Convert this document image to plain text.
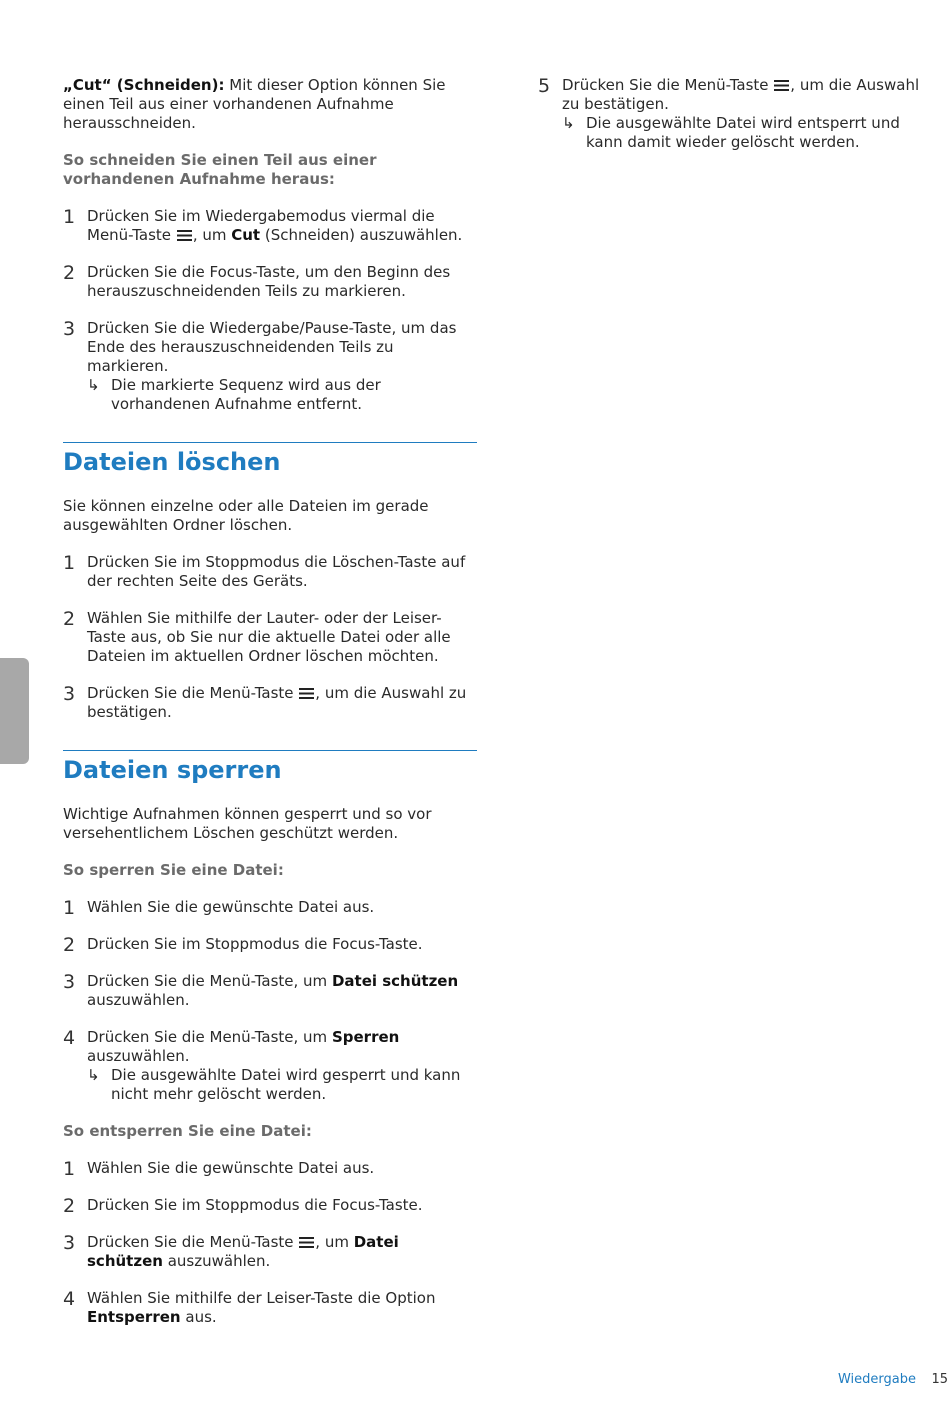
„Cut“ (Schneiden): Mit dieser Option können Sie einen Teil aus einer vorhandenen Aufnahme herausschneiden.

So schneiden Sie einen Teil aus einer vorhandenen Aufnahme heraus:

1 Drücken Sie im Wiedergabemodus viermal die Menü-Taste , um Cut (Schneiden) auszuwählen.
2 Drücken Sie die Focus-Taste, um den Beginn des herauszuschneidenden Teils zu markieren.
3 Drücken Sie die Wiedergabe/Pause-Taste, um das Ende des herauszuschneidenden Teils zu markieren.
↳ Die markierte Sequenz wird aus der vorhandenen Aufnahme entfernt.
Dateien löschen

Sie können einzelne oder alle Dateien im gerade ausgewählten Ordner löschen.

1 Drücken Sie im Stoppmodus die Löschen-Taste auf der rechten Seite des Geräts.
2 Wählen Sie mithilfe der Lauter- oder der Leiser-Taste aus, ob Sie nur die aktuelle Datei oder alle Dateien im aktuellen Ordner löschen möchten.
3 Drücken Sie die Menü-Taste , um die Auswahl zu bestätigen.
Dateien sperren

Wichtige Aufnahmen können gesperrt und so vor versehentlichem Löschen geschützt werden.

So sperren Sie eine Datei:

1 Wählen Sie die gewünschte Datei aus.
2 Drücken Sie im Stoppmodus die Focus-Taste.
3 Drücken Sie die Menü-Taste, um Datei schützen auszuwählen.
4 Drücken Sie die Menü-Taste, um Sperren auszuwählen.
↳ Die ausgewählte Datei wird gesperrt und kann nicht mehr gelöscht werden.

So entsperren Sie eine Datei:

1 Wählen Sie die gewünschte Datei aus.
2 Drücken Sie im Stoppmodus die Focus-Taste.
3 Drücken Sie die Menü-Taste , um Datei schützen auszuwählen.
4 Wählen Sie mithilfe der Leiser-Taste die Option Entsperren aus.
5 Drücken Sie die Menü-Taste , um die Auswahl zu bestätigen.
↳ Die ausgewählte Datei wird entsperrt und kann damit wieder gelöscht werden.
Wiedergabe 15
